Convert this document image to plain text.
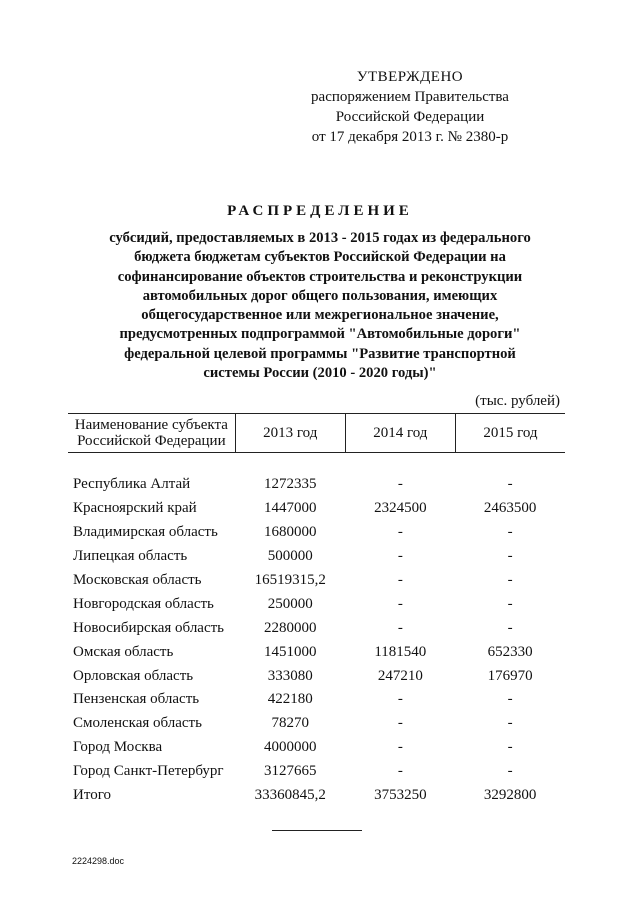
УТВЕРЖДЕНО
распоряжением Правительства
Российской Федерации
от 17 декабря 2013 г. № 2380-р
РАСПРЕДЕЛЕНИЕ
субсидий, предоставляемых в 2013 - 2015 годах из федерального
бюджета бюджетам субъектов Российской Федерации на
софинансирование объектов строительства и реконструкции
автомобильных дорог общего пользования, имеющих
общегосударственное или межрегиональное значение,
предусмотренных подпрограммой "Автомобильные дороги"
федеральной целевой программы "Развитие транспортной
системы России (2010 - 2020 годы)"
(тыс. рублей)
Наименование субъекта
Российской Федерации	2013 год	2014 год	2015 год

Республика Алтай	1272335	-	-
Красноярский край	1447000	2324500	2463500
Владимирская область	1680000	-	-
Липецкая область	500000	-	-
Московская область	16519315,2	-	-
Новгородская область	250000	-	-
Новосибирская область	2280000	-	-
Омская область	1451000	1181540	652330
Орловская область	333080	247210	176970
Пензенская область	422180	-	-
Смоленская область	78270	-	-
Город Москва	4000000	-	-
Город Санкт-Петербург	3127665	-	-
Итого	33360845,2	3753250	3292800
2224298.doc
